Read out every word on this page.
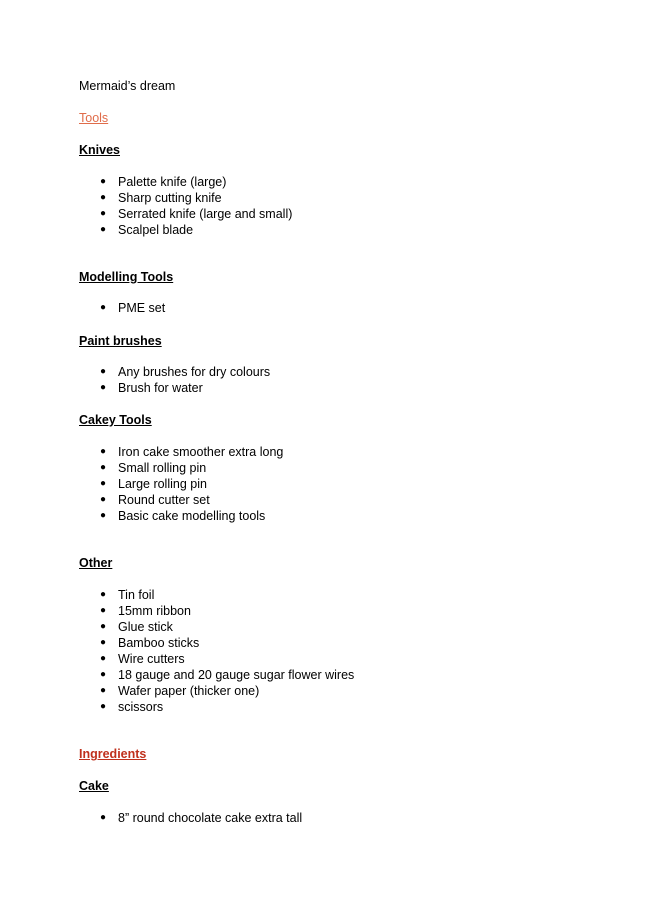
Mermaid’s dream
Tools
Knives
● Palette knife (large)
● Sharp cutting knife
● Serrated knife (large and small)
● Scalpel blade
Modelling Tools
● PME set
Paint brushes
● Any brushes for dry colours
● Brush for water
Cakey Tools
● Iron cake smoother extra long
● Small rolling pin
● Large rolling pin
● Round cutter set
● Basic cake modelling tools
Other
● Tin foil
● 15mm ribbon
● Glue stick
● Bamboo sticks
● Wire cutters
● 18 gauge and 20 gauge sugar flower wires
● Wafer paper (thicker one)
● scissors
Ingredients
Cake
● 8” round chocolate cake extra tall
